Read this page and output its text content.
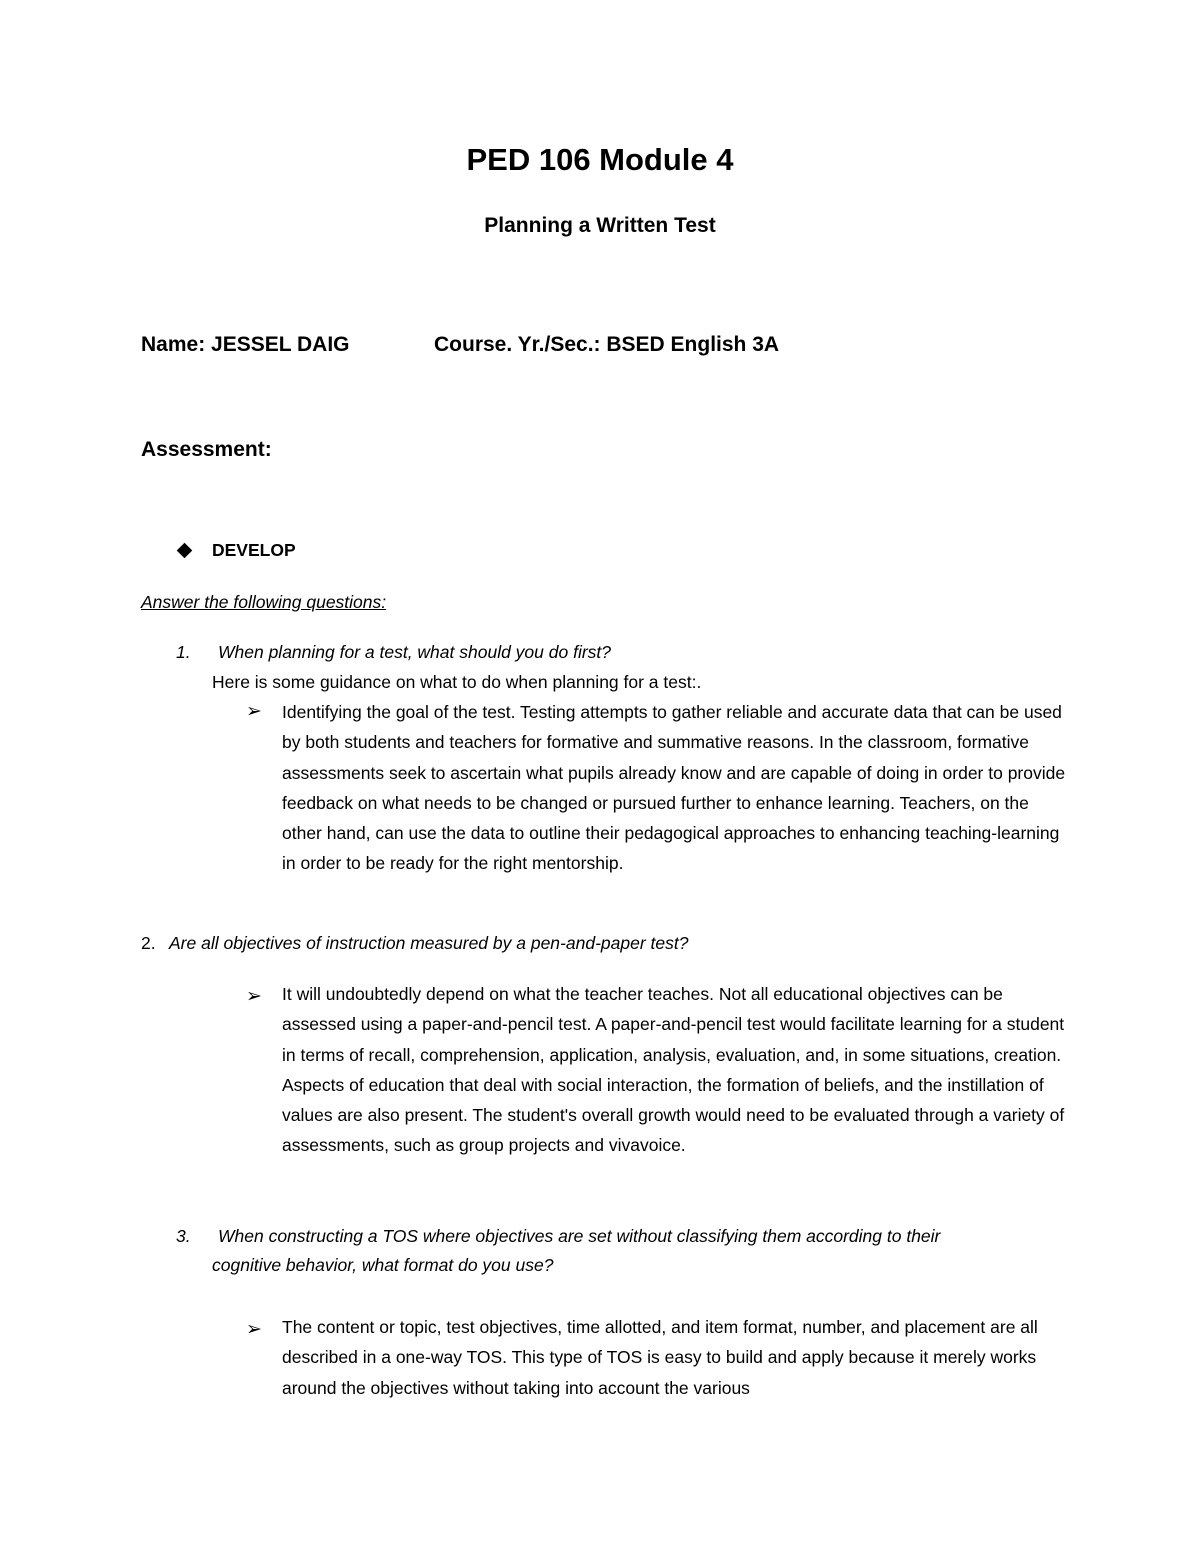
PED 106 Module 4
Planning a Written Test
Name: JESSEL DAIG	Course. Yr./Sec.: BSED English 3A
Assessment:
DEVELOP
Answer the following questions:
1. When planning for a test, what should you do first?
Here is some guidance on what to do when planning for a test:.
➢ Identifying the goal of the test. Testing attempts to gather reliable and accurate data that can be used by both students and teachers for formative and summative reasons. In the classroom, formative assessments seek to ascertain what pupils already know and are capable of doing in order to provide feedback on what needs to be changed or pursued further to enhance learning. Teachers, on the other hand, can use the data to outline their pedagogical approaches to enhancing teaching-learning in order to be ready for the right mentorship.
2. Are all objectives of instruction measured by a pen-and-paper test?
➢ It will undoubtedly depend on what the teacher teaches. Not all educational objectives can be assessed using a paper-and-pencil test. A paper-and-pencil test would facilitate learning for a student in terms of recall, comprehension, application, analysis, evaluation, and, in some situations, creation. Aspects of education that deal with social interaction, the formation of beliefs, and the instillation of values are also present. The student's overall growth would need to be evaluated through a variety of assessments, such as group projects and vivavoice.
3. When constructing a TOS where objectives are set without classifying them according to their
cognitive behavior, what format do you use?
➢ The content or topic, test objectives, time allotted, and item format, number, and placement are all described in a one-way TOS. This type of TOS is easy to build and apply because it merely works around the objectives without taking into account the various
